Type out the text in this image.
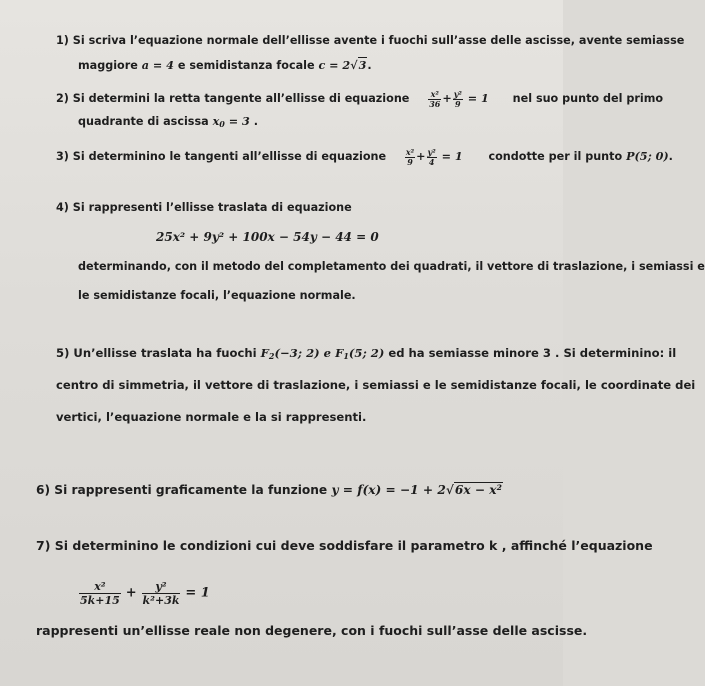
1) Si scriva l’equazione normale dell’ellisse avente i fuochi sull’asse delle ascisse, avente semiasse
maggiore a = 4 e semidistanza focale c = 2√3.
2) Si determini la retta tangente all’ellisse di equazione $\frac{\text{x²}}{36} + \frac{\text{y²}}{9} = 1$ nel suo punto del primo
quadrante di ascissa $x_0 = 3$ .
3) Si determinino le tangenti all’ellisse di equazione $\frac{\text{x²}}{9} + \frac{\text{y²}}{4} = 1$ condotte per il punto P(5; 0).
4) Si rappresenti l’ellisse traslata di equazione
25x² + 9y² + 100x − 54y − 44 = 0
determinando, con il metodo del completamento dei quadrati, il vettore di traslazione, i semiassi e
le semidistanze focali, l’equazione normale.
5) Un’ellisse traslata ha fuochi $F_2(-3$; 2) e $F_1(5$; 2) ed ha semiasse minore 3 . Si determinino: il
centro di simmetria, il vettore di traslazione, i semiassi e le semidistanze focali, le coordinate dei
vertici, l’equazione normale e la si rappresenti.
6) Si rappresenti graficamente la funzione y = f(x) = −1 + 2√6x − x²
7) Si determinino le condizioni cui deve soddisfare il parametro k , affinché l’equazione
$\frac{\text{x²}}{5k+15} + \frac{\text{y²}}{\text{k²+3k}} = 1$
rappresenti un’ellisse reale non degenere, con i fuochi sull’asse delle ascisse.
